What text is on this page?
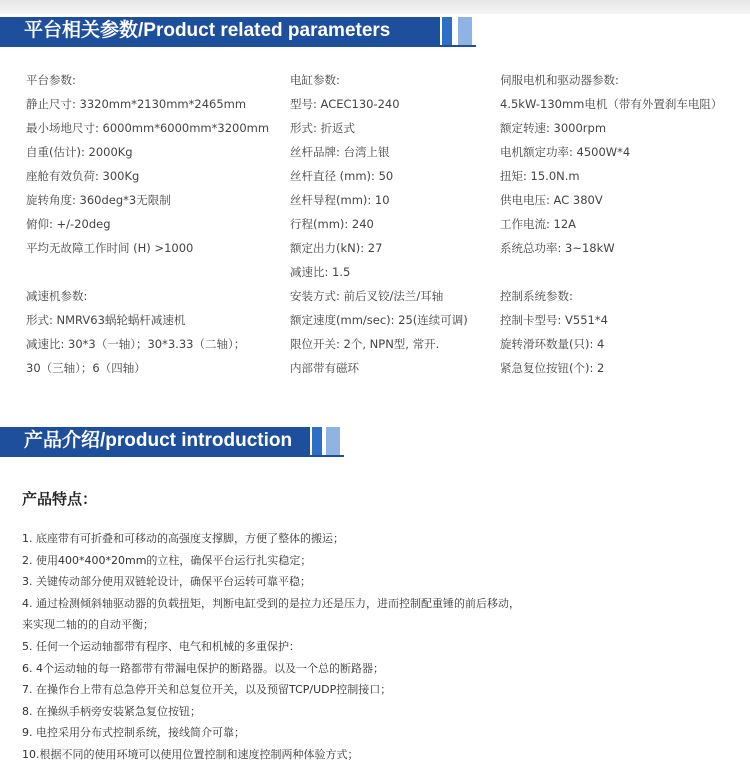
平台相关参数/Product related parameters
平台参数:
静止尺寸: 3320mm*2130mm*2465mm
最小场地尺寸: 6000mm*6000mm*3200mm
自重(估计): 2000Kg
座舱有效负荷: 300Kg
旋转角度: 360deg*3无限制
俯仰: +/-20deg
平均无故障工作时间 (H) >1000
减速机参数:
形式: NMRV63蜗轮蜗杆减速机
减速比: 30*3（一轴）；30*3.33（二轴）；
30（三轴）；6（四轴）
电缸参数:
型号: ACEC130-240
形式: 折返式
丝杆品牌: 台湾上银
丝杆直径 (mm): 50
丝杆导程(mm): 10
行程(mm): 240
额定出力(kN): 27
减速比: 1.5
安装方式: 前后叉铰/法兰/耳轴
额定速度(mm/sec): 25(连续可调)
限位开关: 2个, NPN型, 常开.
内部带有磁环
伺服电机和驱动器参数:
4.5kW-130mm电机（带有外置刹车电阻）
额定转速: 3000rpm
电机额定功率: 4500W*4
扭矩: 15.0N.m
供电电压: AC 380V
工作电流: 12A
系统总功率: 3~18kW
控制系统参数:
控制卡型号: V551*4
旋转滑环数量(只): 4
紧急复位按钮(个): 2
产品介绍/product introduction
产品特点：
1. 底座带有可折叠和可移动的高强度支撑脚，方便了整体的搬运；
2. 使用400*400*20mm的立柱，确保平台运行扎实稳定；
3. 关键传动部分使用双链轮设计，确保平台运转可靠平稳；
4. 通过检测倾斜轴驱动器的负载扭矩，判断电缸受到的是拉力还是压力，进而控制配重锤的前后移动，
来实现二轴的的自动平衡；
5. 任何一个运动轴都带有程序、电气和机械的多重保护：
6. 4个运动轴的每一路都带有带漏电保护的断路器。以及一个总的断路器；
7. 在操作台上带有总急停开关和总复位开关，以及预留TCP/UDP控制接口；
8. 在操纵手柄旁安装紧急复位按钮；
9. 电控采用分布式控制系统，接线简介可靠；
10.根据不同的使用环境可以使用位置控制和速度控制两种体验方式；
